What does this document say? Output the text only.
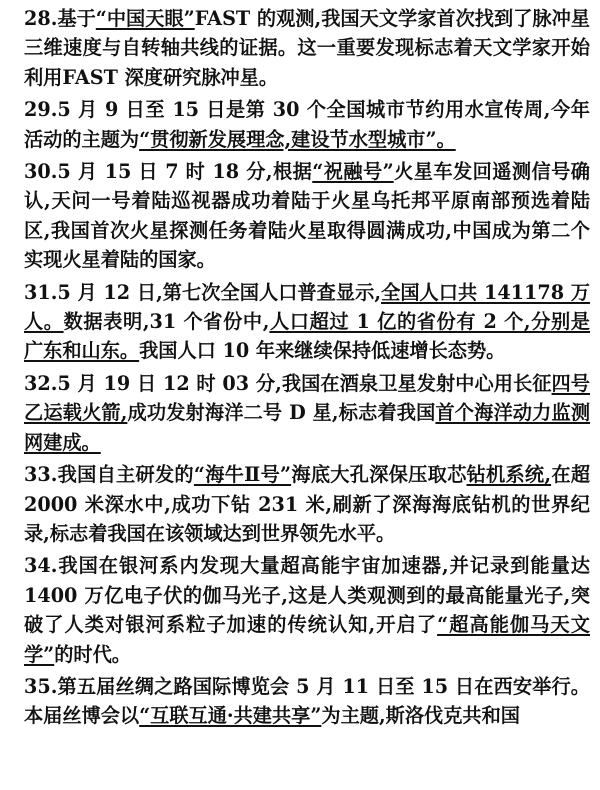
28.基于“中国天眼”FAST 的观测,我国天文学家首次找到了脉冲星三维速度与自转轴共线的证据。这一重要发现标志着天文学家开始利用FAST 深度研究脉冲星。

29.5 月 9 日至 15 日是第 30 个全国城市节约用水宣传周,今年活动的主题为“贯彻新发展理念,建设节水型城市”。

30.5 月 15 日 7 时 18 分,根据“祝融号”火星车发回遥测信号确认,天问一号着陆巡视器成功着陆于火星乌托邦平原南部预选着陆区,我国首次火星探测任务着陆火星取得圆满成功,中国成为第二个实现火星着陆的国家。

31.5 月 12 日,第七次全国人口普查显示,全国人口共 141178 万人。数据表明,31 个省份中,人口超过 1 亿的省份有 2 个,分别是广东和山东。我国人口 10 年来继续保持低速增长态势。

32.5 月 19 日 12 时 03 分,我国在酒泉卫星发射中心用长征四号乙运载火箭,成功发射海洋二号 D 星,标志着我国首个海洋动力监测网建成。

33.我国自主研发的“海牛Ⅱ号”海底大孔深保压取芯钻机系统,在超 2000 米深水中,成功下钻 231 米,刷新了深海海底钻机的世界纪录,标志着我国在该领域达到世界领先水平。

34.我国在银河系内发现大量超高能宇宙加速器,并记录到能量达 1400 万亿电子伏的伽马光子,这是人类观测到的最高能量光子,突破了人类对银河系粒子加速的传统认知,开启了“超高能伽马天文学”的时代。

35.第五届丝绸之路国际博览会 5 月 11 日至 15 日在西安举行。本届丝博会以“互联互通·共建共享”为主题,斯洛伐克共和国
